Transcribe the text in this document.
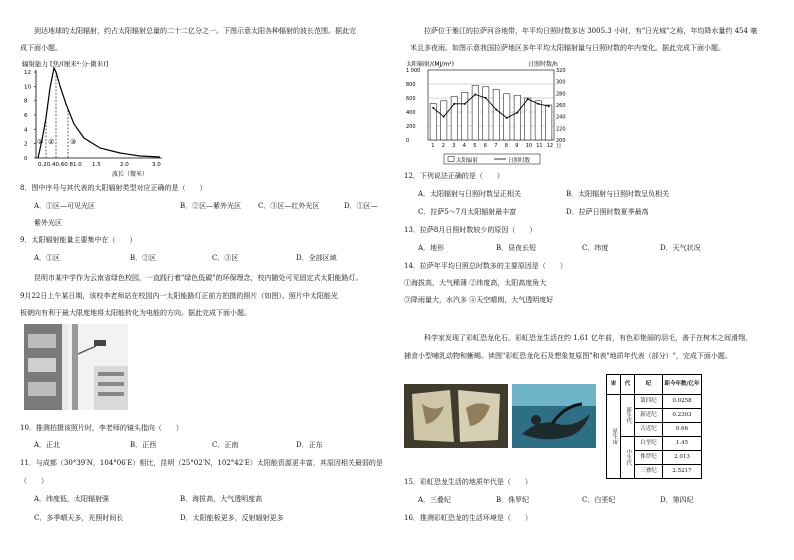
到达地球的太阳辐射，约占太阳辐射总量的二十二亿分之一。下图示意太阳各种辐射的波长范围。据此完
成下面小题。
辐射能力 [焦/(厘米²·分·微米)]
0
2
4
6
8
10
12
① ② ③
0.20.40.60.81.0 1.5	2.0	3.0
波长（微米）
8．图中序号与其代表的太阳辐射类型对应正确的是（　　）
A．①区—可见光区	B．②区—紫外光区 C．③区—红外光区	D．①区—
紫外光区
9．太阳辐射能量主要集中在（　　）
A．①区	B．②区	C．③区	D．全部区域
昆明市某中学作为云南省绿色校园，一直践行着"绿色低碳"的环保理念，校内随处可见固定式太阳能路灯。
9月22日上午某日期，该校李老师站在校园内一太阳能路灯正前方拍摄的照片（如图）。照片中太阳能光
板朝向有利于最大限度地将太阳能转化为电能的方向。据此完成下面小题。
10．推测拍摄该照片时，李老师的镜头指向（　　）
A．正北	B．正西	C．正南	D．正东
11．与成都（30°39′N，104°06′E）相比，昆明（25°02′N，102°42′E）太阳能资源更丰富，其原因相关最弱的是
（　　）
A．纬度低，太阳辐射强	B．海拔高，大气透明度高
C．多季晴天多，光照时间长	D．太阳能板更多，反射辐射更多
拉萨位于雅江的拉萨河谷地带，年平均日照时数多达 3005.3 小时，有"日光城"之称，年均降水量约 454 毫
米且多夜雨。如图示意我国拉萨地区多年平均太阳辐射量与日照时数的年内变化。据此完成下面小题。
太阳辐射/(MJ/m²)	日照时数/h
0
200
400
600
800
1 000
200
220
240
260
280
300
320
1 2 3 4 5 6 7 8 9 10 11 12 月
太阳辐射	日照时数
12．下列说法正确的是（　　）
A．太阳辐射与日照时数呈正相关	B．太阳辐射与日照时数呈负相关
C．拉萨5～7月太阳辐射最丰富	D．拉萨日照时数夏季最高
13．拉萨8月日照时数较少的原因（　　）
A．地形	B．昼夜长短	C．纬度	D．天气状况
14．拉萨年平均日照总时数多的主要原因是（　　）
①海拔高，大气稀薄 ②纬度高，太阳高度角大
③降雨量大，水汽多 ④天空晴朗，大气透明度好
科学家发现了彩虹恐龙化石。彩虹恐龙生活在约 1.61 亿年前，有色彩艳丽的羽毛，善于在树木之间滑翔，
捕食小型哺乳动物和蜥蜴。读图"彩虹恐龙化石及想象复原图"和表"地质年代表（部分）"，完成下面小题。
宙	代	纪	距今年数/亿年
显生宙	新生代	第四纪	0.0258
		新近纪	0.2303
		古近纪	0.66
	中生代	白垩纪	1.45
		侏罗纪	2.013
		三叠纪	2.5217
15．彩虹恐龙生活的地质年代是（　　）
A．三叠纪	B．侏罗纪	C．白垩纪	D．第四纪
16．推测彩虹恐龙的生活环境是（　　）
